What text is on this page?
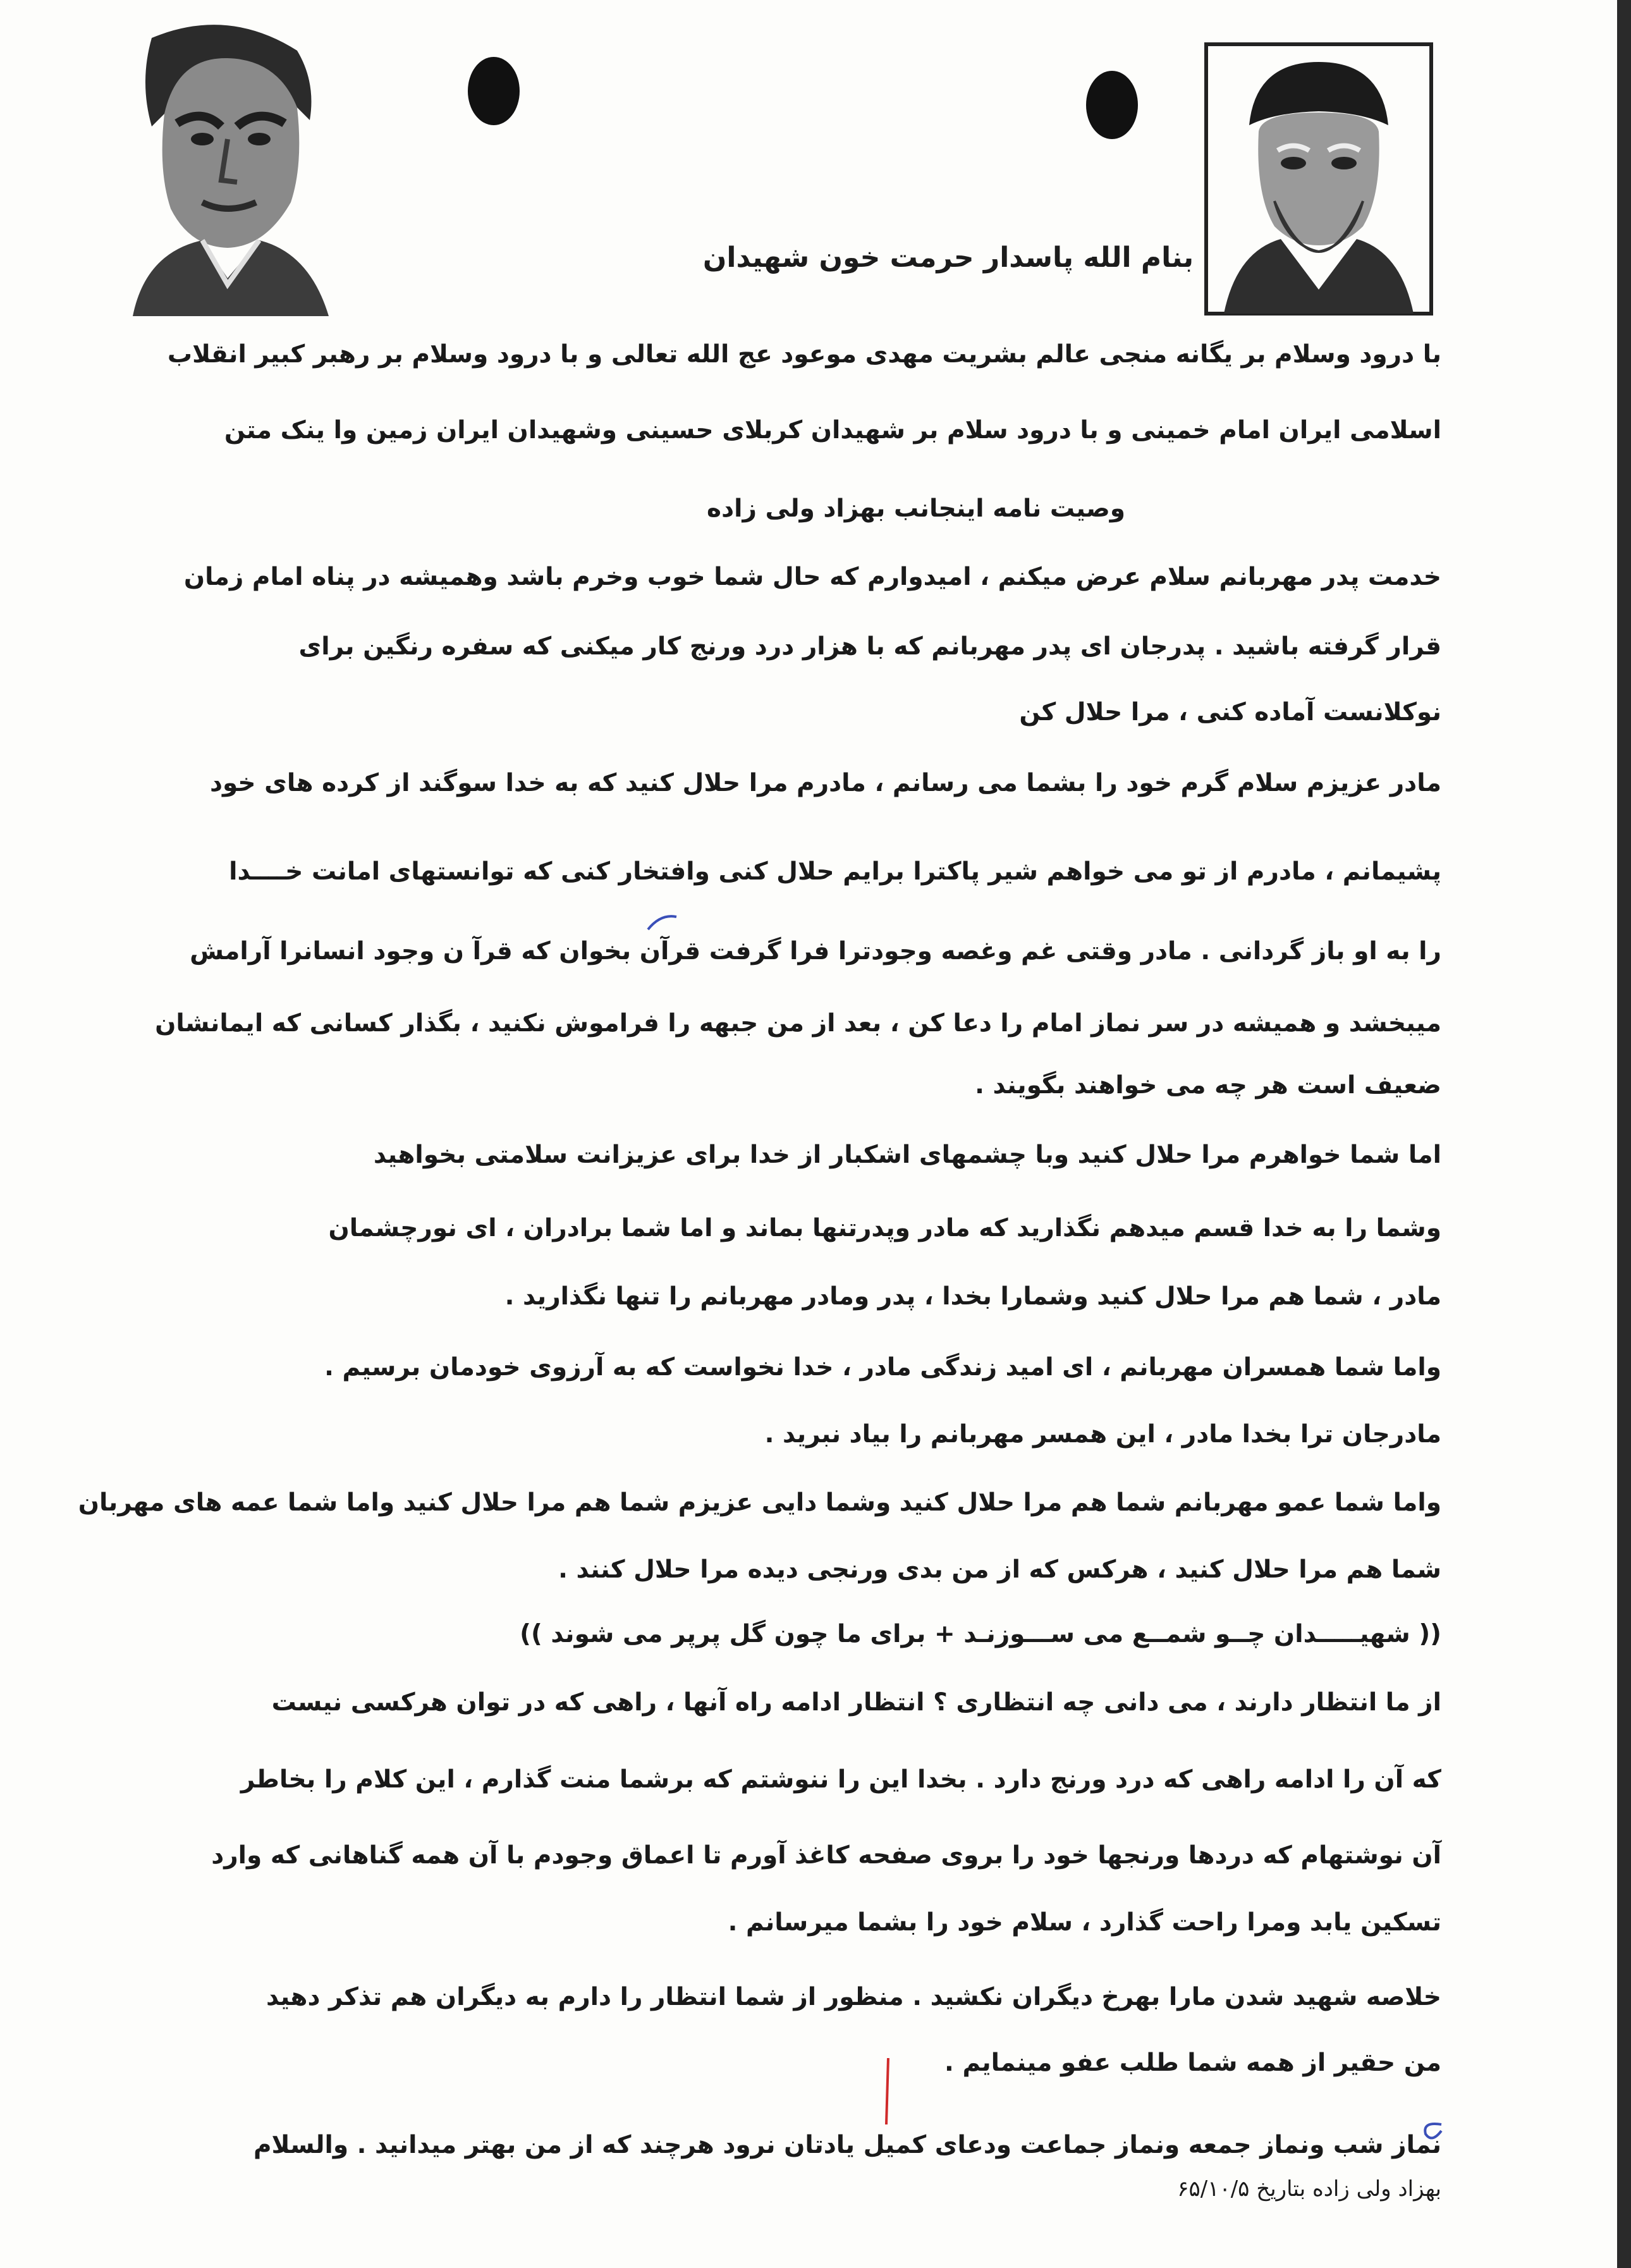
بنام الله پاسدار حرمت خون شهیدان
با درود وسلام بر یگانه منجی عالم بشریت مهدی موعود عج الله تعالی و با درود وسلام بر رهبر کبیر انقلاب
اسلامی ایران امام خمینی و با درود سلام بر شهیدان کربلای حسینی وشهیدان ایران زمین وا ینک متن
وصیت نامه اینجانب بهزاد ولی زاده
خدمت پدر مهربانم سلام عرض میکنم ، امیدوارم که حال شما خوب وخرم باشد وهمیشه در پناه امام زمان
قرار گرفته باشید . پدرجان ای پدر مهربانم که با هزار درد ورنج کار میکنی که سفره رنگین برای
نوکلانست آماده کنی ، مرا حلال کن
مادر عزیزم سلام گرم خود را بشما می رسانم ، مادرم مرا حلال کنید که به خدا سوگند از کرده های خود
پشیمانم ، مادرم از تو می خواهم شیر پاکترا برایم حلال کنی وافتخار کنی که توانستهای امانت خــــدا
را به او باز گردانی . مادر وقتی غم وغصه وجودترا فرا گرفت قرآن بخوان که قرآ ن وجود انسانرا آرامش
میبخشد و همیشه در سر نماز امام را دعا کن ، بعد از من جبهه را فراموش نکنید ، بگذار کسانی که ایمانشان
ضعیف است هر چه می خواهند بگویند .
اما شما خواهرم مرا حلال کنید وبا چشمهای اشکبار از خدا برای عزیزانت سلامتی بخواهید
وشما را به خدا قسم میدهم نگذارید که مادر وپدرتنها بماند و اما شما برادران ، ای نورچشمان
مادر ، شما هم مرا حلال کنید وشمارا بخدا ، پدر ومادر مهربانم را تنها نگذارید .
واما شما همسران مهربانم ، ای امید زندگی مادر ، خدا نخواست که به آرزوی خودمان برسیم .
مادرجان ترا بخدا مادر ، این همسر مهربانم را بیاد نبرید .
واما شما عمو مهربانم شما هم مرا حلال کنید وشما دایی عزیزم شما هم مرا حلال کنید واما شما عمه های مهربان
شما هم مرا حلال کنید ، هرکس که از من بدی ورنجی دیده مرا حلال کنند .
(( شهیـــــدان چــو شمــع می ســـوزنـد + برای ما چون گل پرپر می شوند ))
از ما انتظار دارند ، می دانی چه انتظاری ؟ انتظار ادامه راه آنها ، راهی که در توان هرکسی نیست
که آن را ادامه راهی که درد ورنج دارد . بخدا این را ننوشتم که برشما منت گذارم ، این کلام را بخاطر
آن نوشتهام که دردها ورنجها خود را بروی صفحه کاغذ آورم تا اعماق وجودم با آن همه گناهانی که وارد
تسکین یابد ومرا راحت گذارد ، سلام خود را بشما میرسانم .
خلاصه شهید شدن مارا بهرخ دیگران نکشید . منظور از شما انتظار را دارم به دیگران هم تذکر دهید
من حقیر از همه شما طلب عفو مینمایم .
نماز شب ونماز جمعه ونماز جماعت ودعای کمیل یادتان نرود هرچند که از من بهتر میدانید . والسلام
بهزاد ولی زاده بتاریخ ۶۵/۱۰/۵
